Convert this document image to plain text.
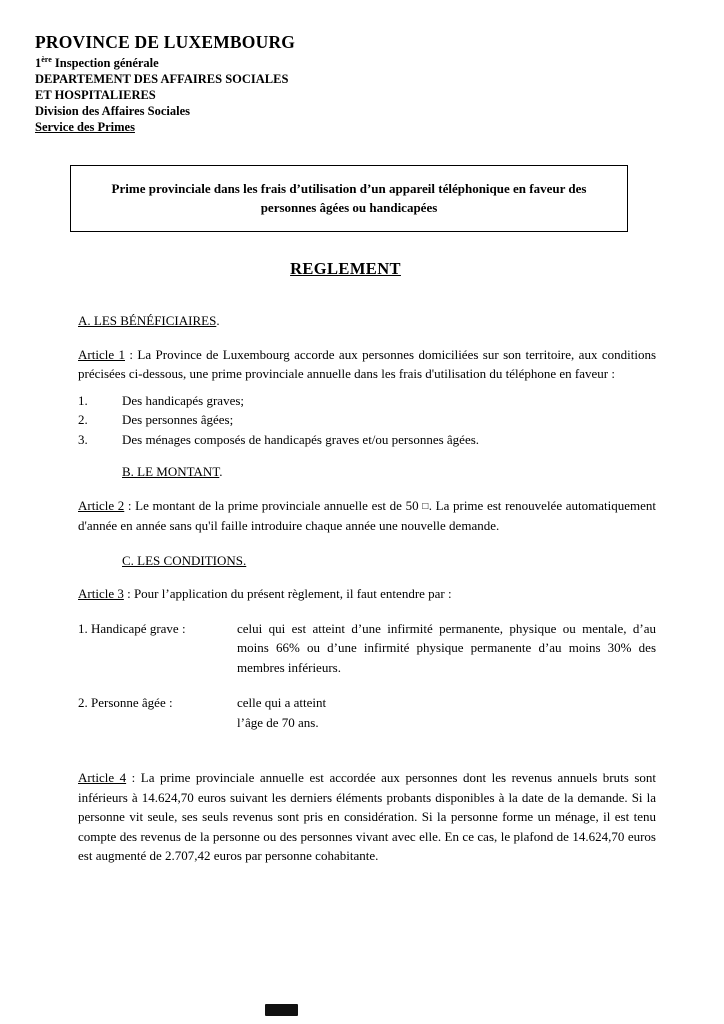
PROVINCE DE LUXEMBOURG
1ère Inspection générale
DEPARTEMENT DES AFFAIRES SOCIALES
ET HOSPITALIERES
Division des Affaires Sociales
Service des Primes
Prime provinciale dans les frais d’utilisation d’un appareil téléphonique en faveur des personnes âgées ou handicapées
REGLEMENT
A. LES BÉNÉFICIAIRES.

Article 1 : La Province de Luxembourg accorde aux personnes domiciliées sur son territoire, aux conditions précisées ci-dessous, une prime provinciale annuelle dans les frais d'utilisation du téléphone en faveur :

1.	Des handicapés graves;
2.	Des personnes âgées;
3.	Des ménages composés de handicapés graves et/ou personnes âgées.
B. LE MONTANT.

Article 2 : Le montant de la prime provinciale annuelle est de 50 □. La prime est renouvelée automatiquement d'année en année sans qu'il faille introduire chaque année une nouvelle demande.

C. LES CONDITIONS.

Article 3 : Pour l’application du présent règlement, il faut entendre par :

1. Handicapé grave :	celui qui est atteint d’une infirmité permanente, physique ou mentale, d’au moins 66% ou d’une infirmité physique permanente d’au moins 30% des membres inférieurs.
2. Personne âgée :	celle qui a atteint
l’âge de 70 ans.

Article 4 : La prime provinciale annuelle est accordée aux personnes dont les revenus annuels bruts sont inférieurs à 14.624,70 euros suivant les derniers éléments probants disponibles à la date de la demande. Si la personne vit seule, ses seuls revenus sont pris en considération. Si la personne forme un ménage, il est tenu compte des revenus de la personne ou des personnes vivant avec elle. En ce cas, le plafond de 14.624,70 euros est augmenté de 2.707,42 euros par personne cohabitante.
